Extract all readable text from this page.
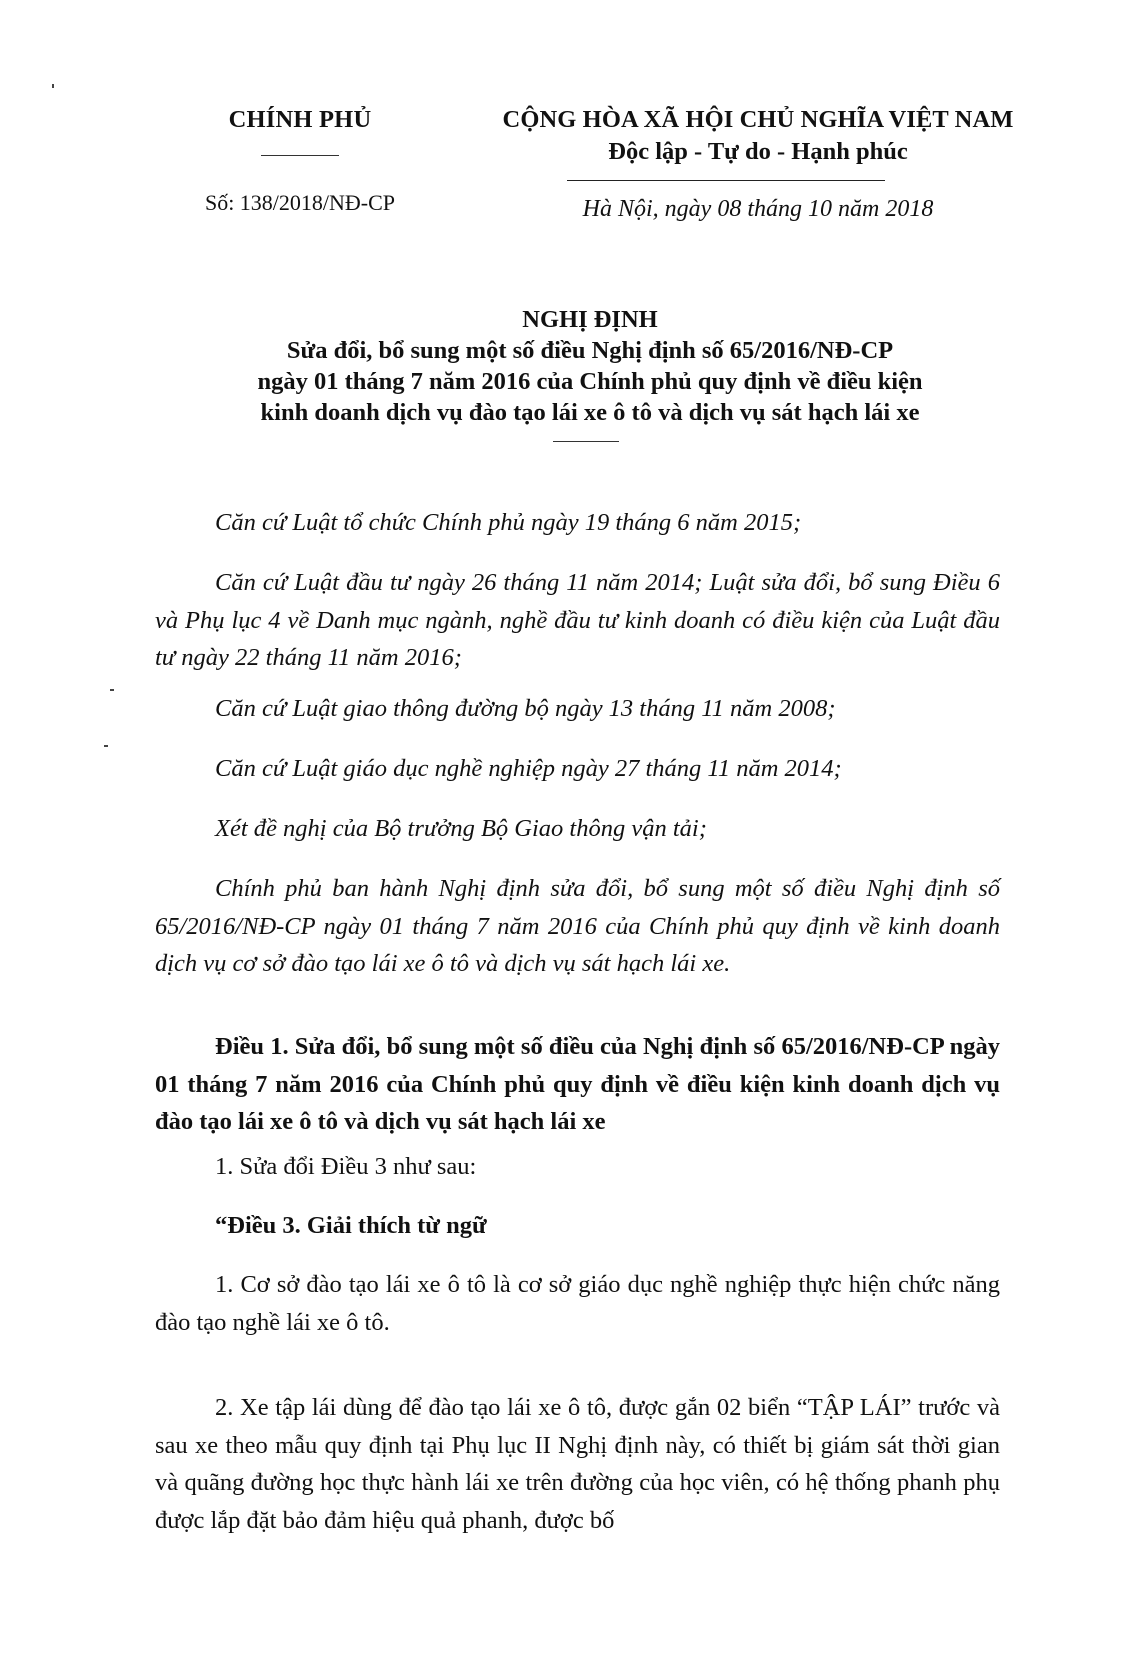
CHÍNH PHỦ
Số: 138/2018/NĐ-CP
CỘNG HÒA XÃ HỘI CHỦ NGHĨA VIỆT NAM
Độc lập - Tự do - Hạnh phúc
Hà Nội, ngày 08 tháng 10 năm 2018
NGHỊ ĐỊNH
Sửa đổi, bổ sung một số điều Nghị định số 65/2016/NĐ-CP
ngày 01 tháng 7 năm 2016 của Chính phủ quy định về điều kiện
kinh doanh dịch vụ đào tạo lái xe ô tô và dịch vụ sát hạch lái xe
Căn cứ Luật tổ chức Chính phủ ngày 19 tháng 6 năm 2015;
Căn cứ Luật đầu tư ngày 26 tháng 11 năm 2014; Luật sửa đổi, bổ sung Điều 6 và Phụ lục 4 về Danh mục ngành, nghề đầu tư kinh doanh có điều kiện của Luật đầu tư ngày 22 tháng 11 năm 2016;
Căn cứ Luật giao thông đường bộ ngày 13 tháng 11 năm 2008;
Căn cứ Luật giáo dục nghề nghiệp ngày 27 tháng 11 năm 2014;
Xét đề nghị của Bộ trưởng Bộ Giao thông vận tải;
Chính phủ ban hành Nghị định sửa đổi, bổ sung một số điều Nghị định số 65/2016/NĐ-CP ngày 01 tháng 7 năm 2016 của Chính phủ quy định về kinh doanh dịch vụ cơ sở đào tạo lái xe ô tô và dịch vụ sát hạch lái xe.
Điều 1. Sửa đổi, bổ sung một số điều của Nghị định số 65/2016/NĐ-CP ngày 01 tháng 7 năm 2016 của Chính phủ quy định về điều kiện kinh doanh dịch vụ đào tạo lái xe ô tô và dịch vụ sát hạch lái xe
1. Sửa đổi Điều 3 như sau:
“Điều 3. Giải thích từ ngữ
1. Cơ sở đào tạo lái xe ô tô là cơ sở giáo dục nghề nghiệp thực hiện chức năng đào tạo nghề lái xe ô tô.
2. Xe tập lái dùng để đào tạo lái xe ô tô, được gắn 02 biển “TẬP LÁI” trước và sau xe theo mẫu quy định tại Phụ lục II Nghị định này, có thiết bị giám sát thời gian và quãng đường học thực hành lái xe trên đường của học viên, có hệ thống phanh phụ được lắp đặt bảo đảm hiệu quả phanh, được bố
